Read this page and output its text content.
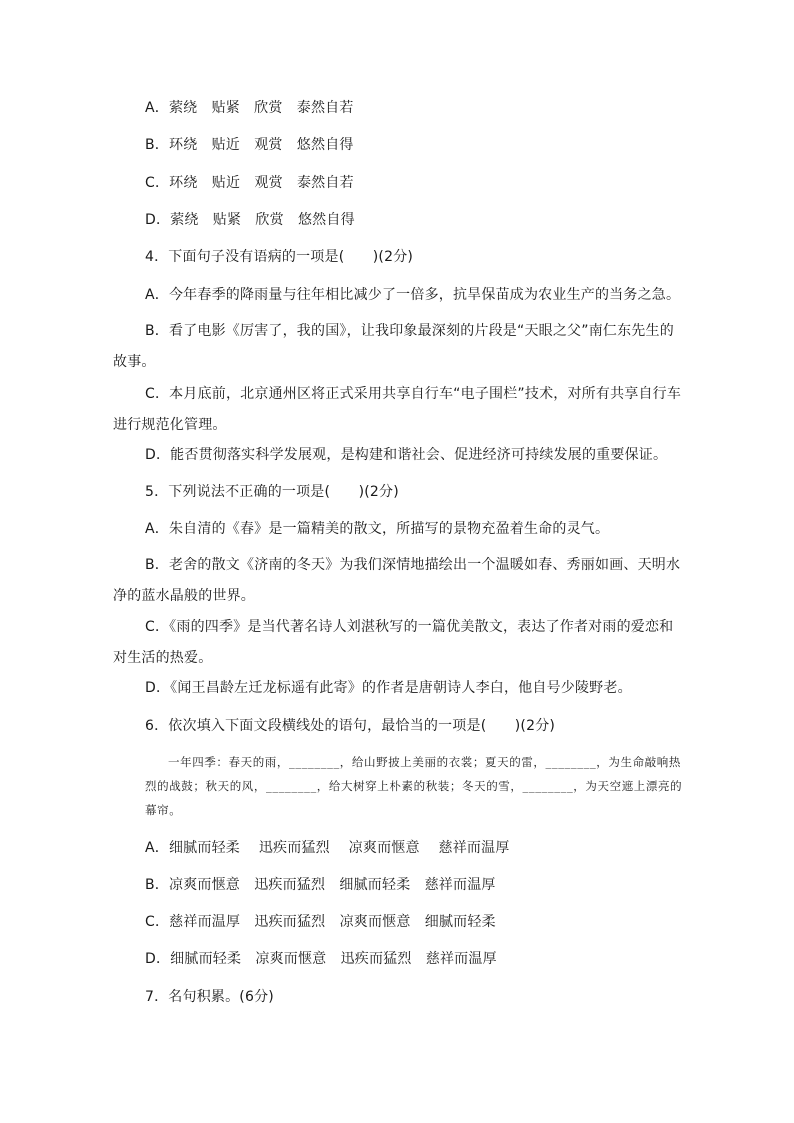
A．萦绕　贴紧　欣赏　泰然自若
B．环绕　贴近　观赏　悠然自得
C．环绕　贴近　观赏　泰然自若
D．萦绕　贴紧　欣赏　悠然自得
4．下面句子没有语病的一项是(　　)(2分)
A．今年春季的降雨量与往年相比减少了一倍多，抗旱保苗成为农业生产的当务之急。
B．看了电影《厉害了，我的国》，让我印象最深刻的片段是“天眼之父”南仁东先生的故事。
C．本月底前，北京通州区将正式采用共享自行车“电子围栏”技术，对所有共享自行车进行规范化管理。
D．能否贯彻落实科学发展观，是构建和谐社会、促进经济可持续发展的重要保证。
5．下列说法不正确的一项是(　　)(2分)
A．朱自清的《春》是一篇精美的散文，所描写的景物充盈着生命的灵气。
B．老舍的散文《济南的冬天》为我们深情地描绘出一个温暖如春、秀丽如画、天明水净的蓝水晶般的世界。
C．《雨的四季》是当代著名诗人刘湛秋写的一篇优美散文，表达了作者对雨的爱恋和对生活的热爱。
D．《闻王昌龄左迁龙标遥有此寄》的作者是唐朝诗人李白，他自号少陵野老。
6．依次填入下面文段横线处的语句，最恰当的一项是(　　)(2分)
一年四季：春天的雨，________，给山野披上美丽的衣裳；夏天的雷，________，为生命敲响热烈的战鼓；秋天的风，________，给大树穿上朴素的秋装；冬天的雪，________，为天空遮上漂亮的幕帘。
A．细腻而轻柔　 迅疾而猛烈　 凉爽而惬意　 慈祥而温厚
B．凉爽而惬意　迅疾而猛烈　细腻而轻柔　慈祥而温厚
C．慈祥而温厚　迅疾而猛烈　凉爽而惬意　细腻而轻柔
D．细腻而轻柔　凉爽而惬意　迅疾而猛烈　慈祥而温厚
7．名句积累。(6分)
